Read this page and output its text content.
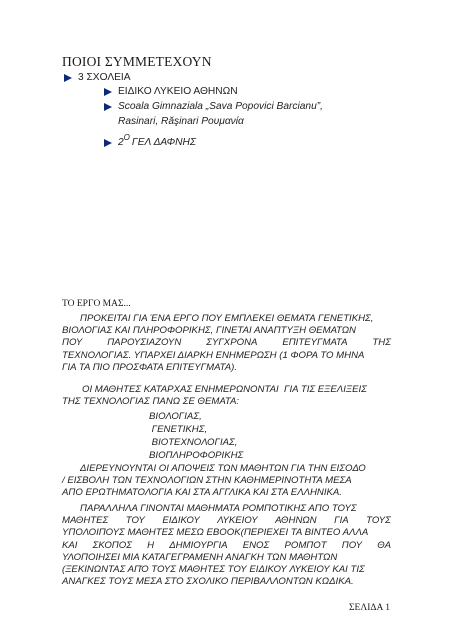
ΠΟΙΟΙ ΣΥΜΜΕΤΕΧΟΥΝ
3 ΣΧΟΛΕΙΑ
ΕΙΔΙΚΟ ΛΥΚΕΙΟ ΑΘΗΝΩΝ
Scoala Gimnaziala „Sava Popovici Barcianu”,
Rasinari, Răşinari Ρουμανία
2 Ο ΓΕΛ ΔΑΦΝΗΣ
ΤΟ ΕΡΓΟ ΜΑΣ...
ΠΡΟΚΕΙΤΑΙ ΓΙΑ ΈΝΑ ΕΡΓΟ ΠΟΥ ΕΜΠΛΕΚΕΙ ΘΕΜΑΤΑ ΓΕΝΕΤΙΚΗΣ,
ΒΙΟΛΟΓΙΑΣ ΚΑΙ ΠΛΗΡΟΦΟΡΙΚΗΣ, ΓΙΝΕΤΑΙ ΑΝΑΠΤΥΞΗ ΘΕΜΑΤΩΝ
ΠΟΥ	ΠΑΡΟΥΣΙΑΖΟΥΝ	ΣΥΓΧΡΟΝΑ	ΕΠΙΤΕΥΓΜΑΤΑ	ΤΗΣ
ΤΕΧΝΟΛΟΓΙΑΣ. ΥΠΑΡΧΕΙ ΔΙΑΡΚΗ ΕΝΗΜΕΡΩΣΗ (1 ΦΟΡΑ ΤΟ ΜΗΝΑ
ΓΙΑ ΤΑ ΠΙΟ ΠΡΟΣΦΑΤΑ ΕΠΙΤΕΥΓΜΑΤΑ).
ΟΙ ΜΑΘΗΤΕΣ ΚΑΤΑΡΧΑΣ ΕΝΗΜΕΡΩΝΟΝΤΑΙ  ΓΙΑ ΤΙΣ ΕΞΕΛΙΞΕΙΣ
ΤΗΣ ΤΕΧΝΟΛΟΓΙΑΣ ΠΑΝΩ ΣΕ ΘΕΜΑΤΑ:
ΒΙΟΛΟΓΙΑΣ,
ΓΕΝΕΤΙΚΗΣ,
ΒΙΟΤΕΧΝΟΛΟΓΙΑΣ,
ΒΙΟΠΛΗΡΟΦΟΡΙΚΗΣ
ΔΙΕΡΕΥΝΟΥΝΤΑΙ ΟΙ ΑΠΟΨΕΙΣ ΤΩΝ ΜΑΘΗΤΩΝ ΓΙΑ ΤΗΝ ΕΙΣΟΔΟ
/ ΕΙΣΒΟΛΗ ΤΩΝ ΤΕΧΝΟΛΟΓΙΩΝ ΣΤΗΝ ΚΑΘΗΜΕΡΙΝΟΤΗΤΑ ΜΕΣΑ
ΑΠΟ ΕΡΩΤΗΜΑΤΟΛΟΓΙΑ ΚΑΙ ΣΤΑ ΑΓΓΛΙΚΑ ΚΑΙ ΣΤΑ ΕΛΛΗΝΙΚΑ.
ΠΑΡΑΛΛΗΛΑ ΓΙΝΟΝΤΑΙ ΜΑΘΗΜΑΤΑ ΡΟΜΠΟΤΙΚΗΣ ΑΠΟ ΤΟΥΣ
ΜΑΘΗΤΕΣ ΤΟΥ ΕΙΔΙΚΟΥ ΛΥΚΕΙΟΥ ΑΘΗΝΩΝ ΓΙΑ ΤΟΥΣ
ΥΠΟΛΟΙΠΟΥΣ ΜΑΘΗΤΕΣ ΜΕΣΩ EBOOK(ΠΕΡΙΕΧΕΙ ΤΑ ΒΙΝΤΕΟ ΑΛΛΑ
ΚΑΙ ΣΚΟΠΟΣ Η ΔΗΜΙΟΥΡΓΙΑ ΕΝΟΣ ΡΟΜΠΟΤ ΠΟΥ ΘΑ
ΥΛΟΠΟΙΗΣΕΙ ΜΙΑ ΚΑΤΑΓΕΓΡΑΜΕΝΗ ΑΝΑΓΚΗ ΤΩΝ ΜΑΘΗΤΩΝ
(ΞΕΚΙΝΩΝΤΑΣ ΑΠΌ ΤΟΥΣ ΜΑΘΗΤΕΣ ΤΟΥ ΕΙΔΙΚΟΥ ΛΥΚΕΙΟΥ ΚΑΙ ΤΙΣ
ΑΝΑΓΚΕΣ ΤΟΥΣ ΜΕΣΑ ΣΤΟ ΣΧΟΛΙΚΟ ΠΕΡΙΒΑΛΛΟΝΤΩΝ ΚΩΔΙΚΑ.
ΣΕΛΙΔΑ 1
